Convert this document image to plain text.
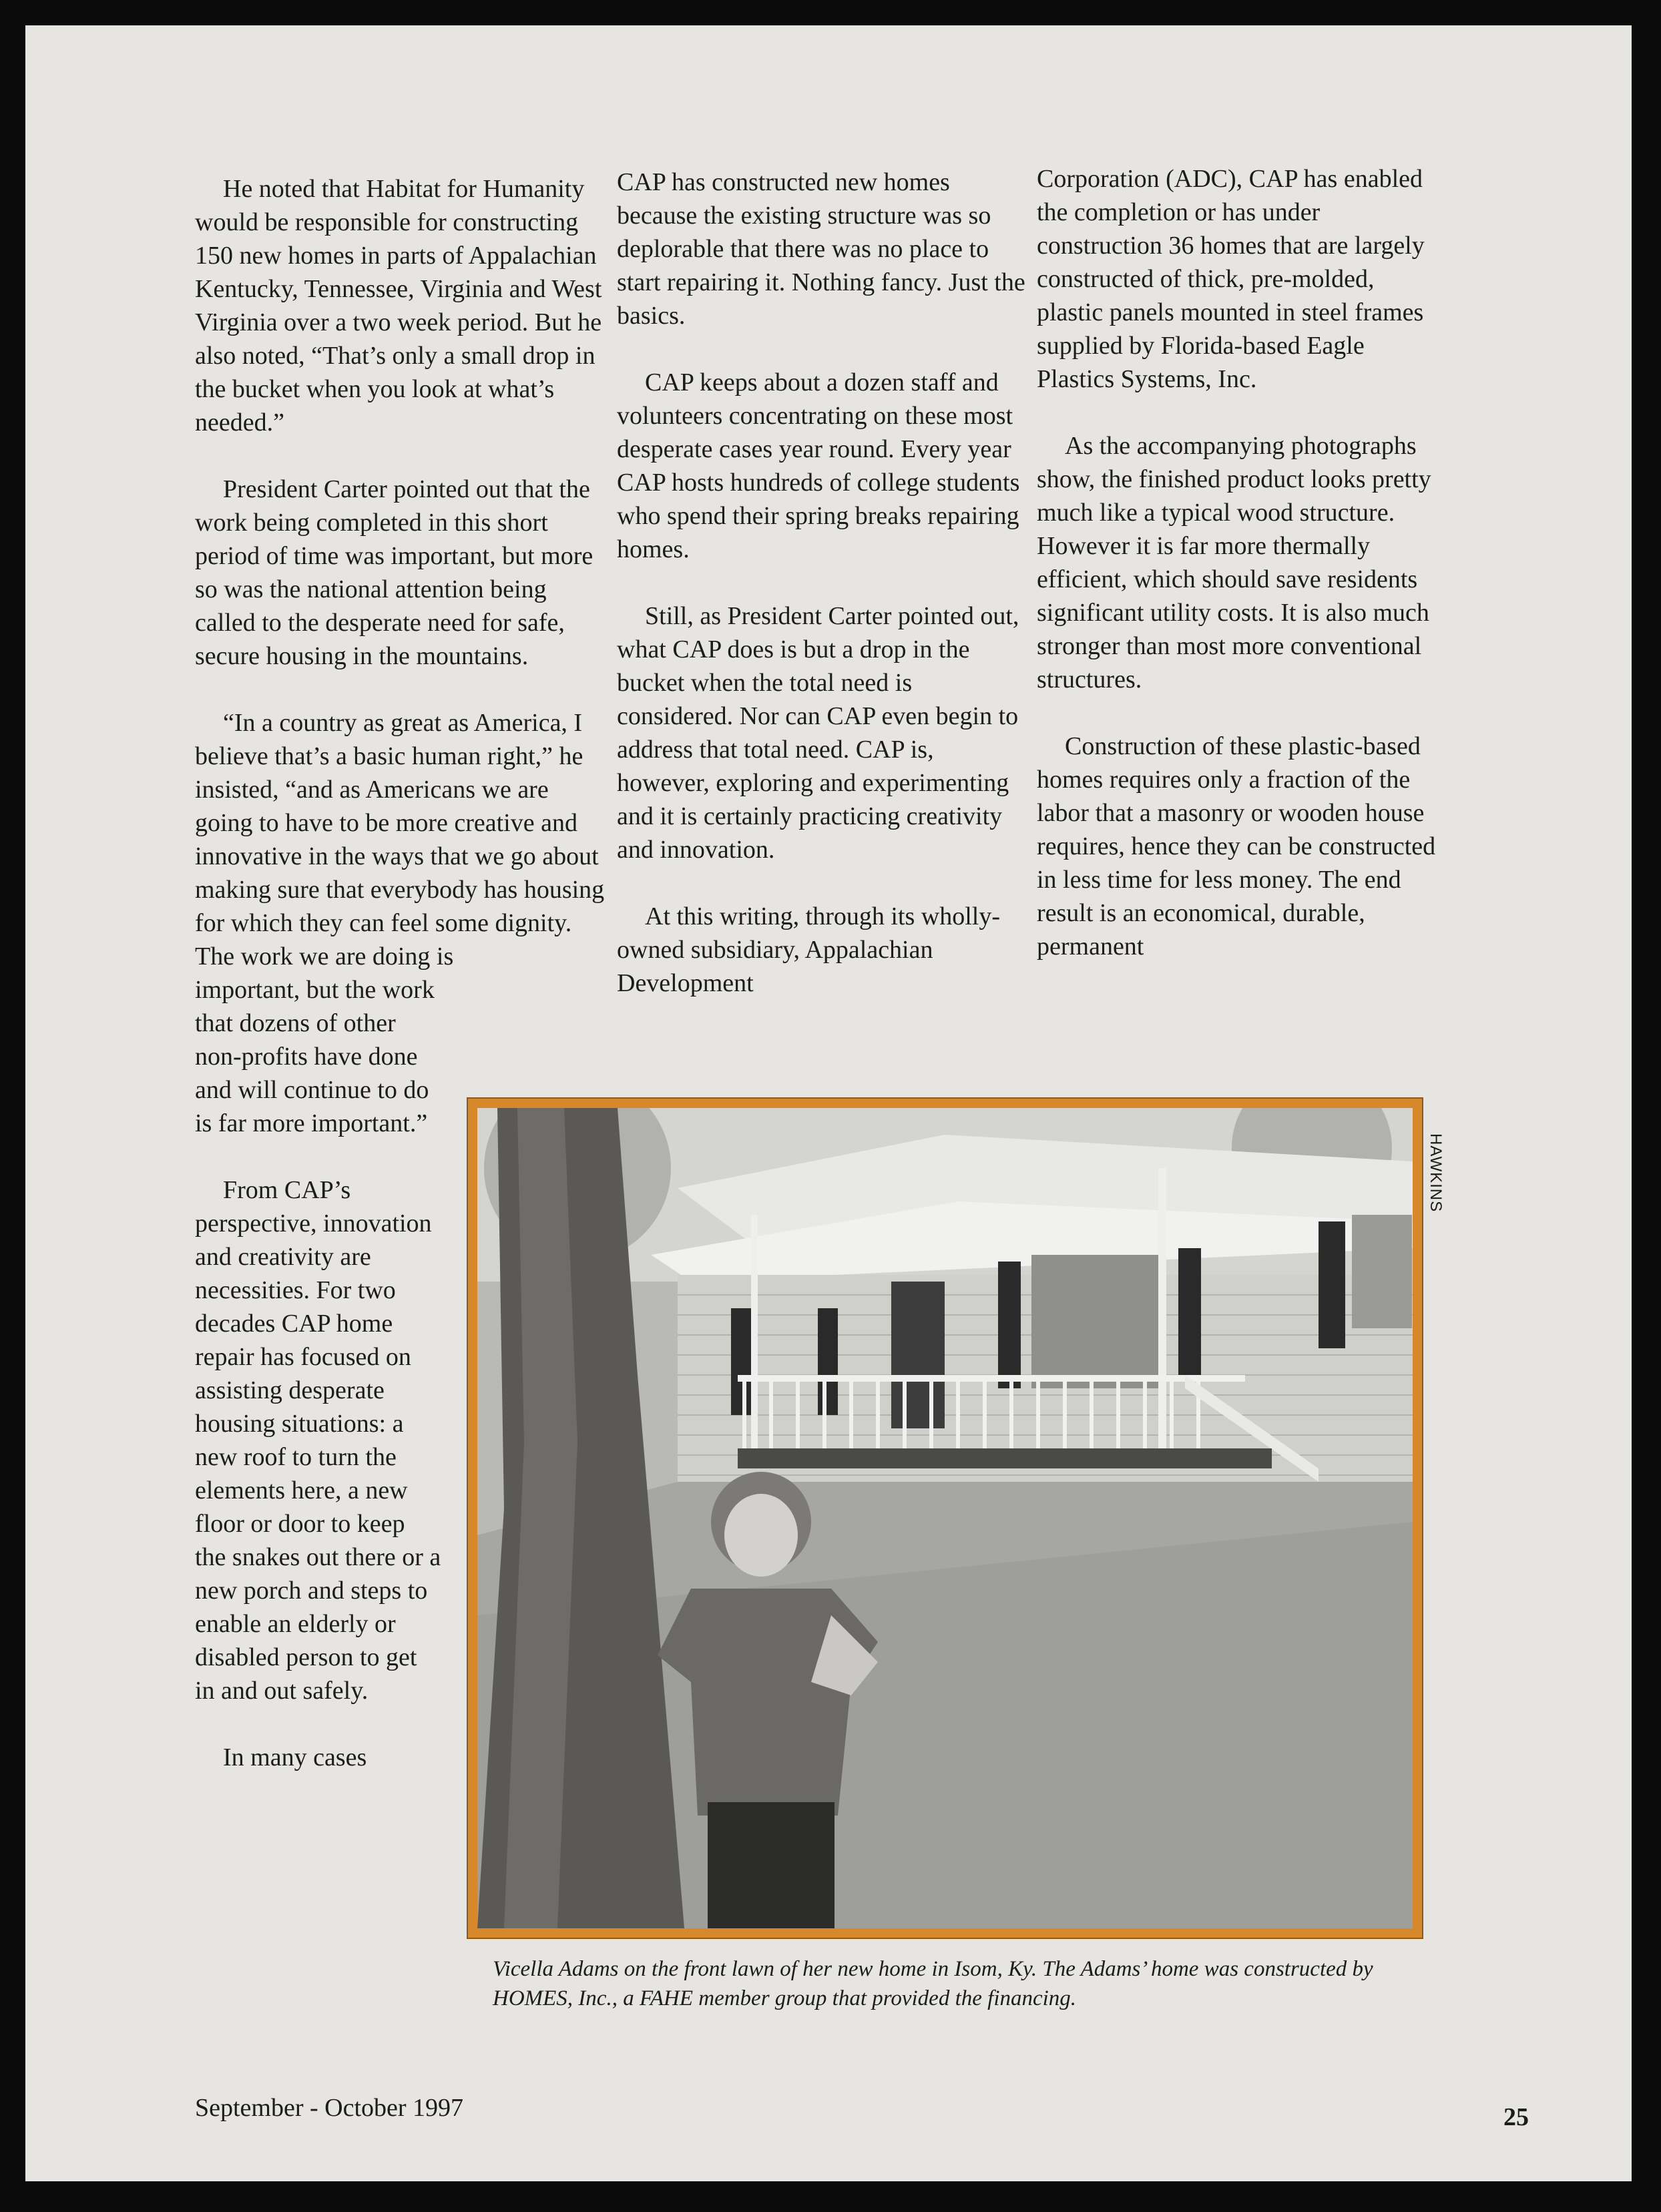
He noted that Habitat for Humanity would be responsible for constructing 150 new homes in parts of Appalachian Kentucky, Tennessee, Virginia and West Virginia over a two week period. But he also noted, “That’s only a small drop in the bucket when you look at what’s needed.”

President Carter pointed out that the work being completed in this short period of time was important, but more so was the national attention being called to the desperate need for safe, secure housing in the mountains.

“In a country as great as America, I believe that’s a basic human right,” he insisted, “and as Americans we are going to have to be more creative and innovative in the ways that we go about making sure that everybody has housing for which they can feel some dignity. The work we are doing is

important, but the work that dozens of other non-profits have done and will continue to do is far more important.”

From CAP’s perspective, innovation and creativity are necessities. For two decades CAP home repair has focused on assisting desperate housing situations: a new roof to turn the elements here, a new floor or door to keep the snakes out there or a new porch and steps to enable an elderly or disabled person to get in and out safely.

In many cases

CAP has constructed new homes because the existing structure was so deplorable that there was no place to start repairing it. Nothing fancy. Just the basics.

CAP keeps about a dozen staff and volunteers concentrating on these most desperate cases year round. Every year CAP hosts hundreds of college students who spend their spring breaks repairing homes.

Still, as President Carter pointed out, what CAP does is but a drop in the bucket when the total need is considered. Nor can CAP even begin to address that total need. CAP is, however, exploring and experimenting and it is certainly practicing creativity and innovation.

At this writing, through its wholly-owned subsidiary, Appalachian Development

Corporation (ADC), CAP has enabled the completion or has under construction 36 homes that are largely constructed of thick, pre-molded, plastic panels mounted in steel frames supplied by Florida-based Eagle Plastics Systems, Inc.

As the accompanying photographs show, the finished product looks pretty much like a typical wood structure. However it is far more thermally efficient, which should save residents significant utility costs. It is also much stronger than most more conventional structures.

Construction of these plastic-based homes requires only a fraction of the labor that a masonry or wooden house requires, hence they can be constructed in less time for less money. The end result is an economical, durable, permanent

HAWKINS
Vicella Adams on the front lawn of her new home in Isom, Ky. The Adams’ home was constructed by HOMES, Inc., a FAHE member group that provided the financing.
September - October 1997	25
